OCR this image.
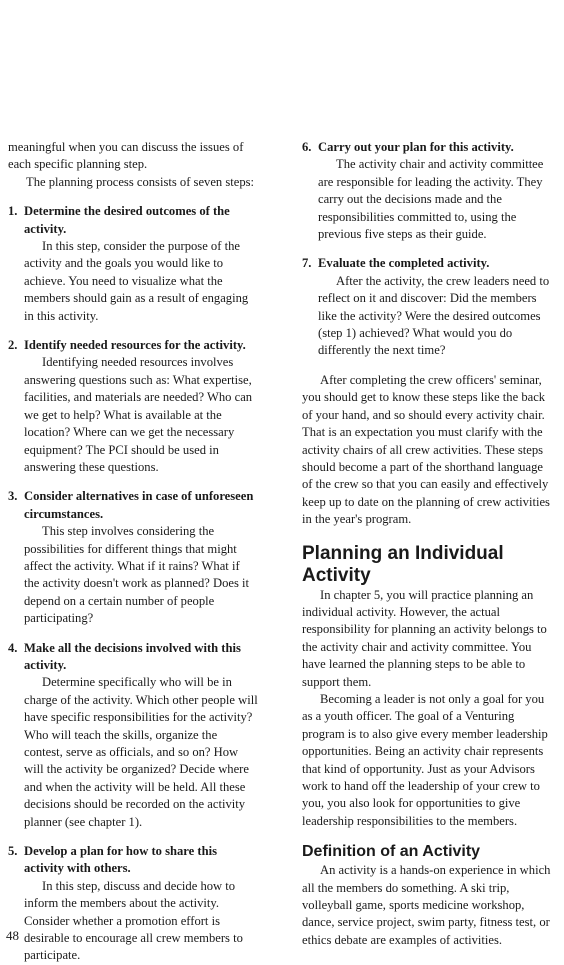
meaningful when you can discuss the issues of each specific planning step.

The planning process consists of seven steps:

1. Determine the desired outcomes of the activity.

In this step, consider the purpose of the activity and the goals you would like to achieve. You need to visualize what the members should gain as a result of engaging in this activity.

2. Identify needed resources for the activity.

Identifying needed resources involves answering questions such as: What expertise, facilities, and materials are needed? Who can we get to help? What is available at the location? Where can we get the necessary equipment? The PCI should be used in answering these questions.

3. Consider alternatives in case of unforeseen circumstances.

This step involves considering the possibilities for different things that might affect the activity. What if it rains? What if the activity doesn't work as planned? Does it depend on a certain number of people participating?

4. Make all the decisions involved with this activity.

Determine specifically who will be in charge of the activity. Which other people will have specific responsibilities for the activity? Who will teach the skills, organize the contest, serve as officials, and so on? How will the activity be organized? Decide where and when the activity will be held. All these decisions should be recorded on the activity planner (see chapter 1).

5. Develop a plan for how to share this activity with others.

In this step, discuss and decide how to inform the members about the activity. Consider whether a promotion effort is desirable to encourage all crew members to participate.

6. Carry out your plan for this activity.

The activity chair and activity committee are responsible for leading the activity. They carry out the decisions made and the responsibilities committed to, using the previous five steps as their guide.

7. Evaluate the completed activity.

After the activity, the crew leaders need to reflect on it and discover: Did the members like the activity? Were the desired outcomes (step 1) achieved? What would you do differently the next time?

After completing the crew officers' seminar, you should get to know these steps like the back of your hand, and so should every activity chair. That is an expectation you must clarify with the activity chairs of all crew activities. These steps should become a part of the shorthand language of the crew so that you can easily and effectively keep up to date on the planning of crew activities in the year's program.

Planning an Individual Activity

In chapter 5, you will practice planning an individual activity. However, the actual responsibility for planning an activity belongs to the activity chair and activity committee. You have learned the planning steps to be able to support them.

Becoming a leader is not only a goal for you as a youth officer. The goal of a Venturing program is to also give every member leadership opportunities. Being an activity chair represents that kind of opportunity. Just as your Advisors work to hand off the leadership of your crew to you, you also look for opportunities to give leadership responsibilities to the members.

Definition of an Activity

An activity is a hands-on experience in which all the members do something. A ski trip, volleyball game, sports medicine workshop, dance, service project, swim party, fitness test, or ethics debate are examples of activities.

48
